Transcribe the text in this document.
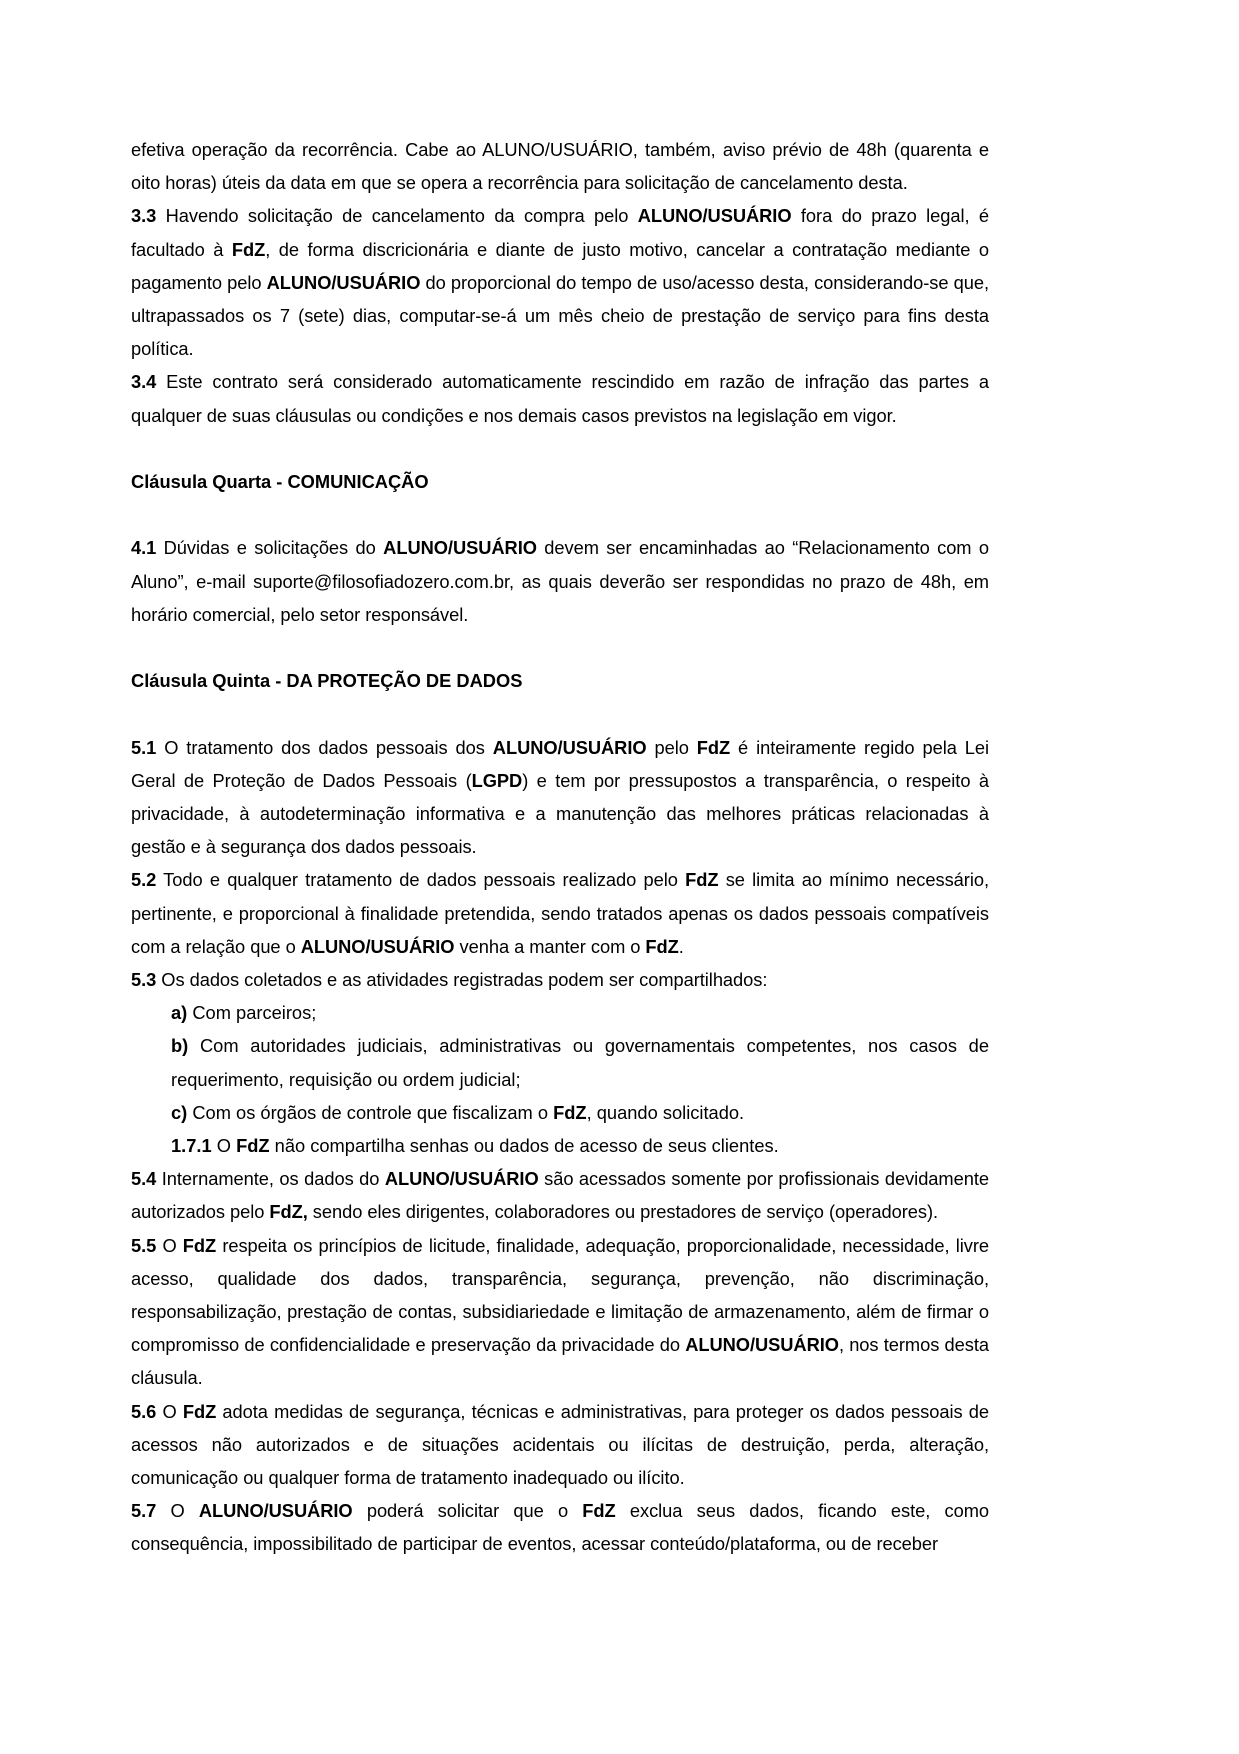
efetiva operação da recorrência. Cabe ao ALUNO/USUÁRIO, também, aviso prévio de 48h (quarenta e oito horas) úteis da data em que se opera a recorrência para solicitação de cancelamento desta.

3.3 Havendo solicitação de cancelamento da compra pelo ALUNO/USUÁRIO fora do prazo legal, é facultado à FdZ, de forma discricionária e diante de justo motivo, cancelar a contratação mediante o pagamento pelo ALUNO/USUÁRIO do proporcional do tempo de uso/acesso desta, considerando-se que, ultrapassados os 7 (sete) dias, computar-se-á um mês cheio de prestação de serviço para fins desta política.

3.4 Este contrato será considerado automaticamente rescindido em razão de infração das partes a qualquer de suas cláusulas ou condições e nos demais casos previstos na legislação em vigor.

Cláusula Quarta - COMUNICAÇÃO

4.1 Dúvidas e solicitações do ALUNO/USUÁRIO devem ser encaminhadas ao “Relacionamento com o Aluno”, e-mail suporte@filosofiadozero.com.br, as quais deverão ser respondidas no prazo de 48h, em horário comercial, pelo setor responsável.

Cláusula Quinta - DA PROTEÇÃO DE DADOS

5.1 O tratamento dos dados pessoais dos ALUNO/USUÁRIO pelo FdZ é inteiramente regido pela Lei Geral de Proteção de Dados Pessoais (LGPD) e tem por pressupostos a transparência, o respeito à privacidade, à autodeterminação informativa e a manutenção das melhores práticas relacionadas à gestão e à segurança dos dados pessoais.

5.2 Todo e qualquer tratamento de dados pessoais realizado pelo FdZ se limita ao mínimo necessário, pertinente, e proporcional à finalidade pretendida, sendo tratados apenas os dados pessoais compatíveis com a relação que o ALUNO/USUÁRIO venha a manter com o FdZ.

5.3 Os dados coletados e as atividades registradas podem ser compartilhados:

a) Com parceiros;

b) Com autoridades judiciais, administrativas ou governamentais competentes, nos casos de requerimento, requisição ou ordem judicial;

c) Com os órgãos de controle que fiscalizam o FdZ, quando solicitado.

1.7.1 O FdZ não compartilha senhas ou dados de acesso de seus clientes.

5.4 Internamente, os dados do ALUNO/USUÁRIO são acessados somente por profissionais devidamente autorizados pelo FdZ, sendo eles dirigentes, colaboradores ou prestadores de serviço (operadores).

5.5 O FdZ respeita os princípios de licitude, finalidade, adequação, proporcionalidade, necessidade, livre acesso, qualidade dos dados, transparência, segurança, prevenção, não discriminação, responsabilização, prestação de contas, subsidiariedade e limitação de armazenamento, além de firmar o compromisso de confidencialidade e preservação da privacidade do ALUNO/USUÁRIO, nos termos desta cláusula.

5.6 O FdZ adota medidas de segurança, técnicas e administrativas, para proteger os dados pessoais de acessos não autorizados e de situações acidentais ou ilícitas de destruição, perda, alteração, comunicação ou qualquer forma de tratamento inadequado ou ilícito.

5.7 O ALUNO/USUÁRIO poderá solicitar que o FdZ exclua seus dados, ficando este, como consequência, impossibilitado de participar de eventos, acessar conteúdo/plataforma, ou de receber
